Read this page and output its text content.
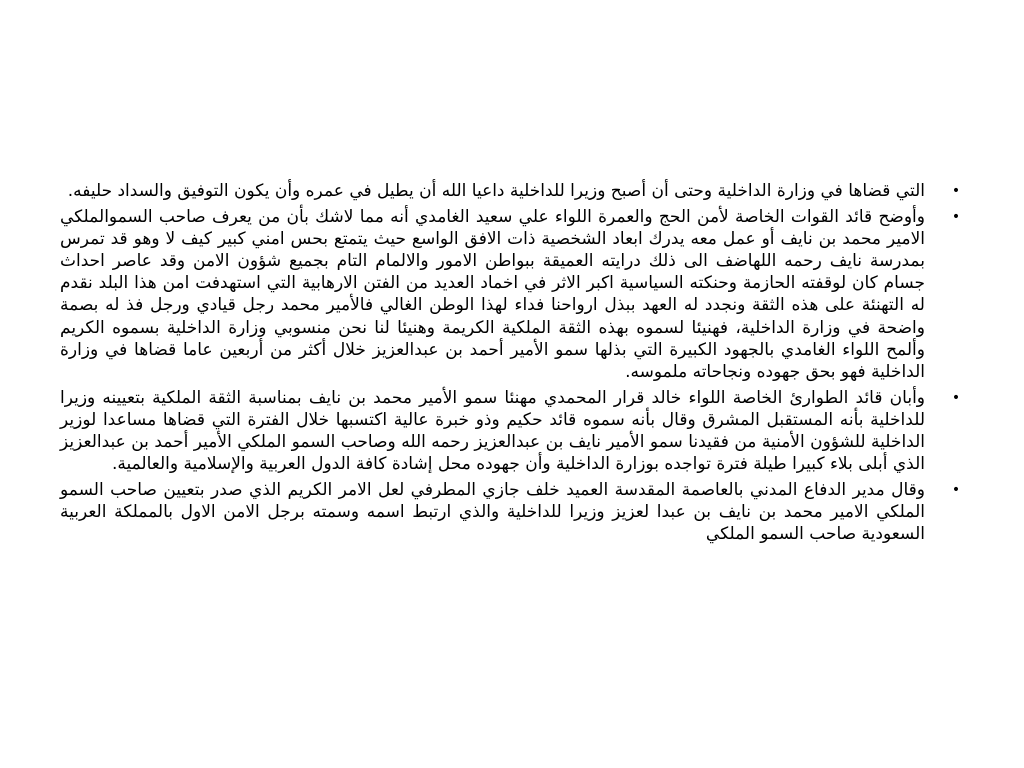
•
التي قضاها في وزارة الداخلية وحتى أن أصبح وزيرا للداخلية داعيا الله أن يطيل في عمره وأن يكون التوفيق والسداد حليفه.
•
وأوضح قائد القوات الخاصة لأمن الحج والعمرة اللواء علي سعيد الغامدي أنه مما لاشك بأن من يعرف صاحب السموالملكي الامير محمد بن نايف أو عمل معه يدرك ابعاد الشخصية ذات الافق الواسع حيث يتمتع بحس امني كبير كيف لا وهو قد تمرس بمدرسة نايف رحمه اللهاضف الى ذلك درايته العميقة ببواطن الامور والالمام التام بجميع شؤون الامن وقد عاصر احداث جسام كان لوقفته الحازمة وحنكته السياسية اكبر الاثر في اخماد العديد من الفتن الارهابية التي استهدفت امن هذا البلد نقدم له التهنئة على هذه الثقة ونجدد له العهد ببذل ارواحنا فداء لهذا الوطن الغالي فالأمير محمد رجل قيادي ورجل فذ له بصمة واضحة في وزارة الداخلية، فهنيئا لسموه بهذه الثقة الملكية الكريمة وهنيئا لنا نحن منسوبي وزارة الداخلية بسموه الكريم وألمح اللواء الغامدي بالجهود الكبيرة التي بذلها سمو الأمير أحمد بن عبدالعزيز خلال أكثر من أربعين عاما قضاها في وزارة الداخلية فهو بحق جهوده ونجاحاته ملموسه.
•
وأبان قائد الطوارئ الخاصة اللواء خالد قرار المحمدي مهنئا سمو الأمير محمد بن نايف بمناسبة الثقة الملكية بتعيينه وزيرا للداخلية بأنه المستقبل المشرق وقال بأنه سموه قائد حكيم وذو خبرة عالية اكتسبها خلال الفترة التي قضاها مساعدا لوزير الداخلية للشؤون الأمنية من فقيدنا سمو الأمير نايف بن عبدالعزيز رحمه الله وصاحب السمو الملكي الأمير أحمد بن عبدالعزيز الذي أبلى بلاء كبيرا طيلة فترة تواجده بوزارة الداخلية وأن جهوده محل إشادة كافة الدول العربية والإسلامية والعالمية.
•
وقال مدير الدفاع المدني بالعاصمة المقدسة العميد خلف جازي المطرفي لعل الامر الكريم الذي صدر بتعيين صاحب السمو الملكي الامير محمد بن نايف بن عبدا لعزيز وزيرا للداخلية والذي ارتبط اسمه وسمته برجل الامن الاول بالمملكة العربية السعودية صاحب السمو الملكي
